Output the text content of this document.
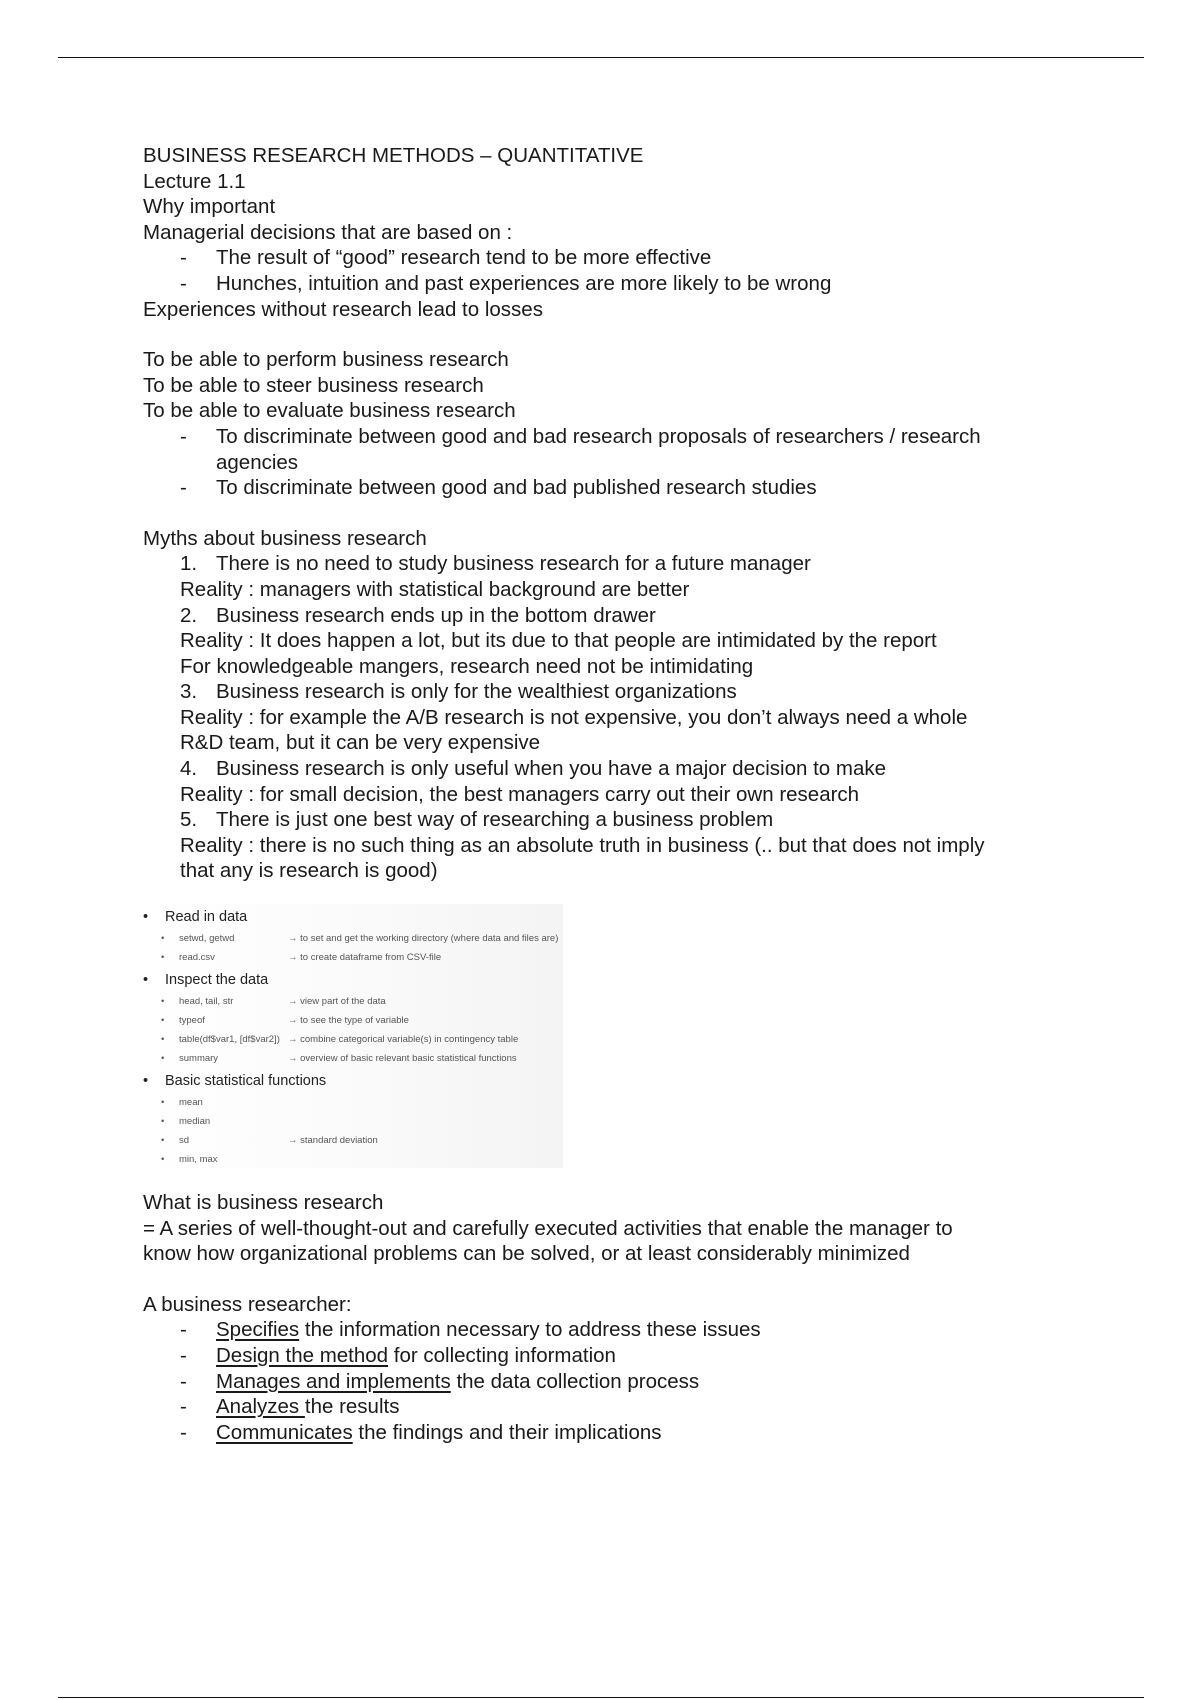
BUSINESS RESEARCH METHODS – QUANTITATIVE

Lecture 1.1

Why important

Managerial decisions that are based on :

- The result of “good” research tend to be more effective

- Hunches, intuition and past experiences are more likely to be wrong

Experiences without research lead to losses

To be able to perform business research

To be able to steer business research

To be able to evaluate business research

- To discriminate between good and bad research proposals of researchers / research agencies

- To discriminate between good and bad published research studies

Myths about business research

1. There is no need to study business research for a future manager

Reality : managers with statistical background are better

2. Business research ends up in the bottom drawer

Reality : It does happen a lot, but its due to that people are intimidated by the report

For knowledgeable mangers, research need not be intimidating

3. Business research is only for the wealthiest organizations

Reality : for example the A/B research is not expensive, you don’t always need a whole

R&D team, but it can be very expensive

4. Business research is only useful when you have a major decision to make

Reality : for small decision, the best managers carry out their own research

5. There is just one best way of researching a business problem

Reality : there is no such thing as an absolute truth in business (.. but that does not imply

that any is research is good)

• Read in data
• setwd, getwd	→ to set and get the working directory (where data and files are)
• read.csv	→ to create dataframe from CSV-file
• Inspect the data
• head, tail, str	→ view part of the data
• typeof	→ to see the type of variable
• table(df$var1, [df$var2]) → combine categorical variable(s) in contingency table
• summary	→ overview of basic relevant basic statistical functions
• Basic statistical functions
• mean
• median
• sd	→ standard deviation
• min, max

What is business research

= A series of well-thought-out and carefully executed activities that enable the manager to

know how organizational problems can be solved, or at least considerably minimized

A business researcher:

- Specifies the information necessary to address these issues

- Design the method for collecting information

- Manages and implements the data collection process

- Analyzes the results

- Communicates the findings and their implications
